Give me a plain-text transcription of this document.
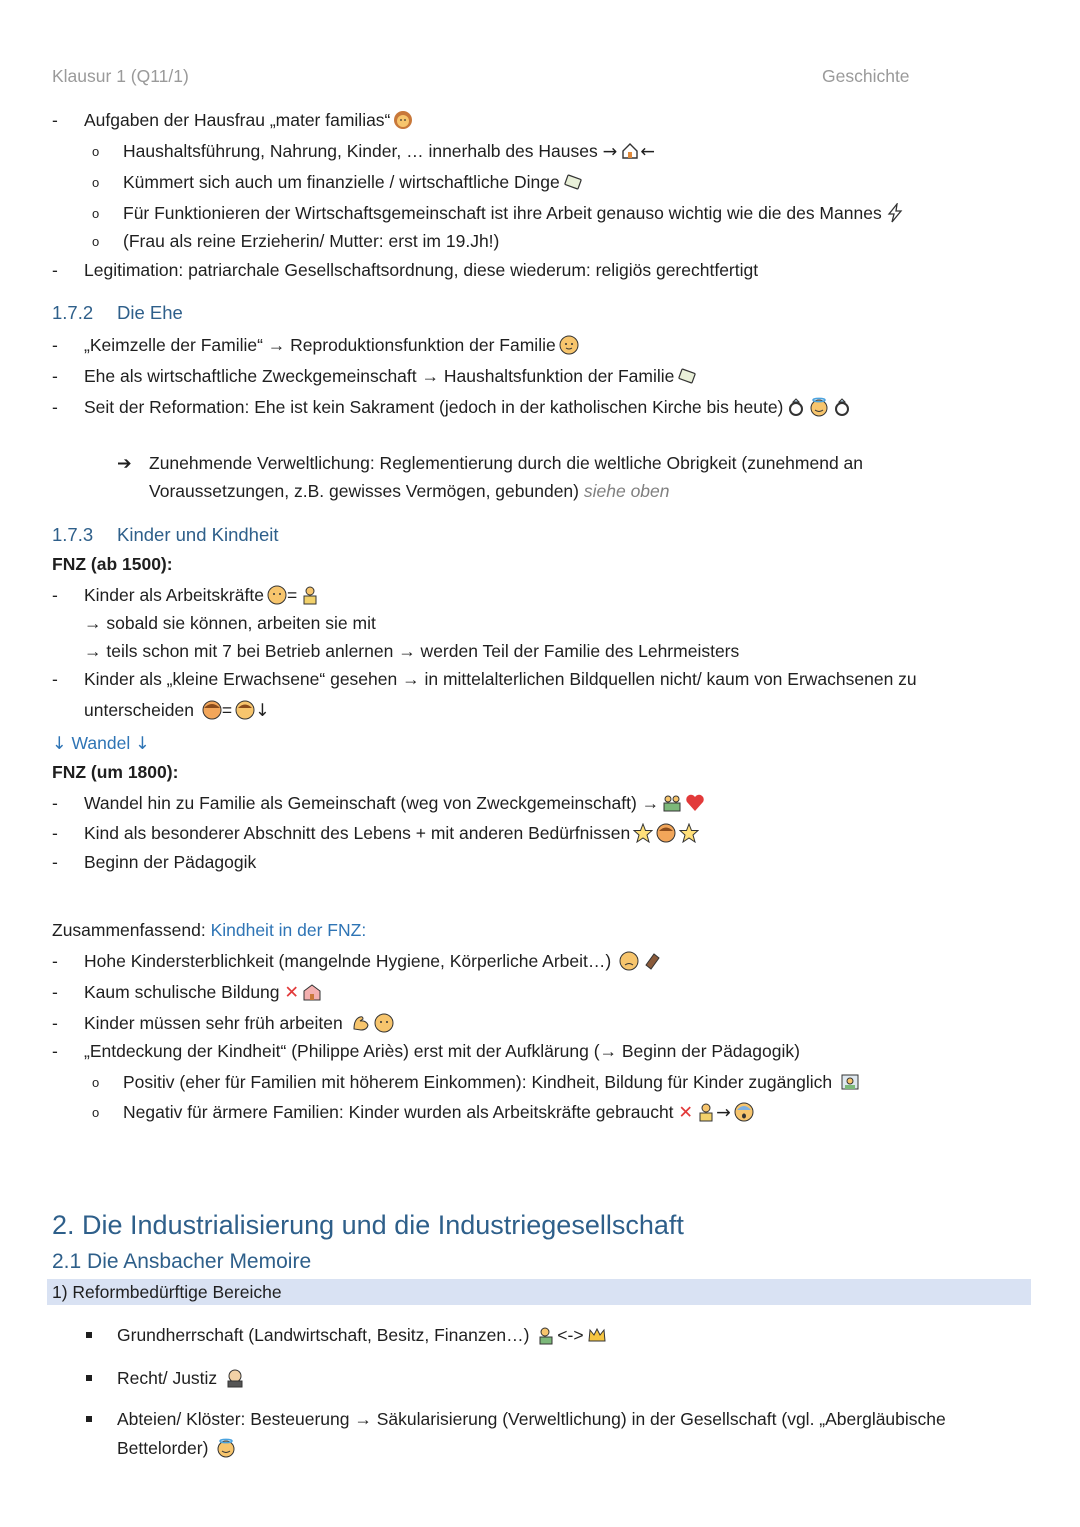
Klausur 1 (Q11/1)	Geschichte
- Aufgaben der Hausfrau „mater familias“
o Haushaltsführung, Nahrung, Kinder, … innerhalb des Hauses → ←
o Kümmert sich auch um finanzielle / wirtschaftliche Dinge
o Für Funktionieren der Wirtschaftsgemeinschaft ist ihre Arbeit genauso wichtig wie die des Mannes
o (Frau als reine Erzieherin/ Mutter: erst im 19.Jh!)
- Legitimation: patriarchale Gesellschaftsordnung, diese wiederum: religiös gerechtfertigt
1.7.2 Die Ehe
- „Keimzelle der Familie“ → Reproduktionsfunktion der Familie
- Ehe als wirtschaftliche Zweckgemeinschaft → Haushaltsfunktion der Familie
- Seit der Reformation: Ehe ist kein Sakrament (jedoch in der katholischen Kirche bis heute)
➔ Zunehmende Verweltlichung: Reglementierung durch die weltliche Obrigkeit (zunehmend an
Voraussetzungen, z.B. gewisses Vermögen, gebunden) siehe oben
1.7.3 Kinder und Kindheit
FNZ (ab 1500):
- Kinder als Arbeitskräfte =
→ sobald sie können, arbeiten sie mit
→ teils schon mit 7 bei Betrieb anlernen → werden Teil der Familie des Lehrmeisters
- Kinder als „kleine Erwachsene“ gesehen → in mittelalterlichen Bildquellen nicht/ kaum von Erwachsenen zu
unterscheiden = ↓
↓ Wandel ↓
FNZ (um 1800):
- Wandel hin zu Familie als Gemeinschaft (weg von Zweckgemeinschaft) →
- Kind als besonderer Abschnitt des Lebens + mit anderen Bedürfnissen
- Beginn der Pädagogik
Zusammenfassend: Kindheit in der FNZ:
- Hohe Kindersterblichkeit (mangelnde Hygiene, Körperliche Arbeit…)
- Kaum schulische Bildung ✕
- Kinder müssen sehr früh arbeiten
- „Entdeckung der Kindheit“ (Philippe Ariès) erst mit der Aufklärung (→ Beginn der Pädagogik)
o Positiv (eher für Familien mit höherem Einkommen): Kindheit, Bildung für Kinder zugänglich
o Negativ für ärmere Familien: Kinder wurden als Arbeitskräfte gebraucht ✕ →
2. Die Industrialisierung und die Industriegesellschaft
2.1 Die Ansbacher Memoire
1) Reformbedürftige Bereiche
Grundherrschaft (Landwirtschaft, Besitz, Finanzen…) <->
Recht/ Justiz
Abteien/ Klöster: Besteuerung → Säkularisierung (Verweltlichung) in der Gesellschaft (vgl. „Abergläubische
Bettelorder)
